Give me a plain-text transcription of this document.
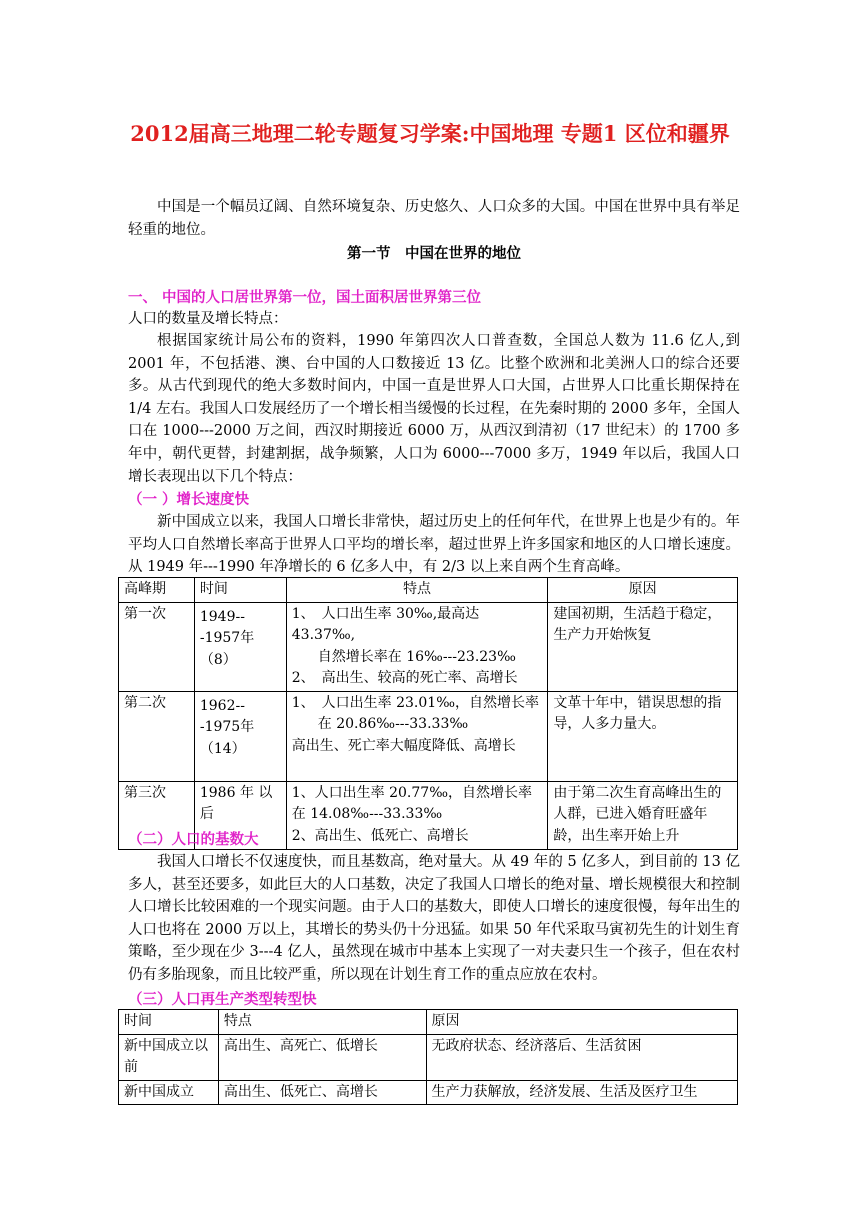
2012届高三地理二轮专题复习学案:中国地理 专题1 区位和疆界
中国是一个幅员辽阔、自然环境复杂、历史悠久、人口众多的大国。中国在世界中具有举足轻重的地位。
第一节　中国在世界的地位
一、 中国的人口居世界第一位，国土面积居世界第三位
人口的数量及增长特点：
根据国家统计局公布的资料，1990 年第四次人口普查数，全国总人数为 11.6 亿人,到 2001 年，不包括港、澳、台中国的人口数接近 13 亿。比整个欧洲和北美洲人口的综合还要多。从古代到现代的绝大多数时间内，中国一直是世界人口大国，占世界人口比重长期保持在 1/4 左右。我国人口发展经历了一个增长相当缓慢的长过程，在先秦时期的 2000 多年，全国人口在 1000---2000 万之间，西汉时期接近 6000 万，从西汉到清初（17 世纪末）的 1700 多年中，朝代更替，封建割据，战争频繁，人口为 6000---7000 多万，1949 年以后，我国人口增长表现出以下几个特点：
（一 ）增长速度快
新中国成立以来，我国人口增长非常快，超过历史上的任何年代，在世界上也是少有的。年平均人口自然增长率高于世界人口平均的增长率，超过世界上许多国家和地区的人口增长速度。从 1949 年---1990 年净增长的 6 亿多人中，有 2/3 以上来自两个生育高峰。
高峰期	时间	特点	原因
第一次	1949---1957年（8）	1、　人口出生率 30‰,最高达 43.37‰,
自然增长率在 16‰---23.23‰
2、　高出生、较高的死亡率、高增长	建国初期，生活趋于稳定，生产力开始恢复
第二次	1962---1975年（14）	1、　人口出生率 23.01‰，自然增长率
在 20.86‰---33.33‰
高出生、死亡率大幅度降低、高增长	文革十年中，错误思想的指导，人多力量大。
第三次	1986 年 以后	1、人口出生率 20.77‰，自然增长率在 14.08‰---33.33‰
2、高出生、低死亡、高增长	由于第二次生育高峰出生的人群，已进入婚育旺盛年龄，出生率开始上升
（二）人口的基数大
我国人口增长不仅速度快，而且基数高，绝对量大。从 49 年的 5 亿多人，到目前的 13 亿多人，甚至还要多，如此巨大的人口基数，决定了我国人口增长的绝对量、增长规模很大和控制人口增长比较困难的一个现实问题。由于人口的基数大，即使人口增长的速度很慢，每年出生的人口也将在 2000 万以上，其增长的势头仍十分迅猛。如果 50 年代采取马寅初先生的计划生育策略，至少现在少 3---4 亿人，虽然现在城市中基本上实现了一对夫妻只生一个孩子，但在农村仍有多胎现象，而且比较严重，所以现在计划生育工作的重点应放在农村。
（三）人口再生产类型转型快
时间	特点	原因
新中国成立以前	高出生、高死亡、低增长	无政府状态、经济落后、生活贫困
新中国成立	高出生、低死亡、高增长	生产力获解放，经济发展、生活及医疗卫生
